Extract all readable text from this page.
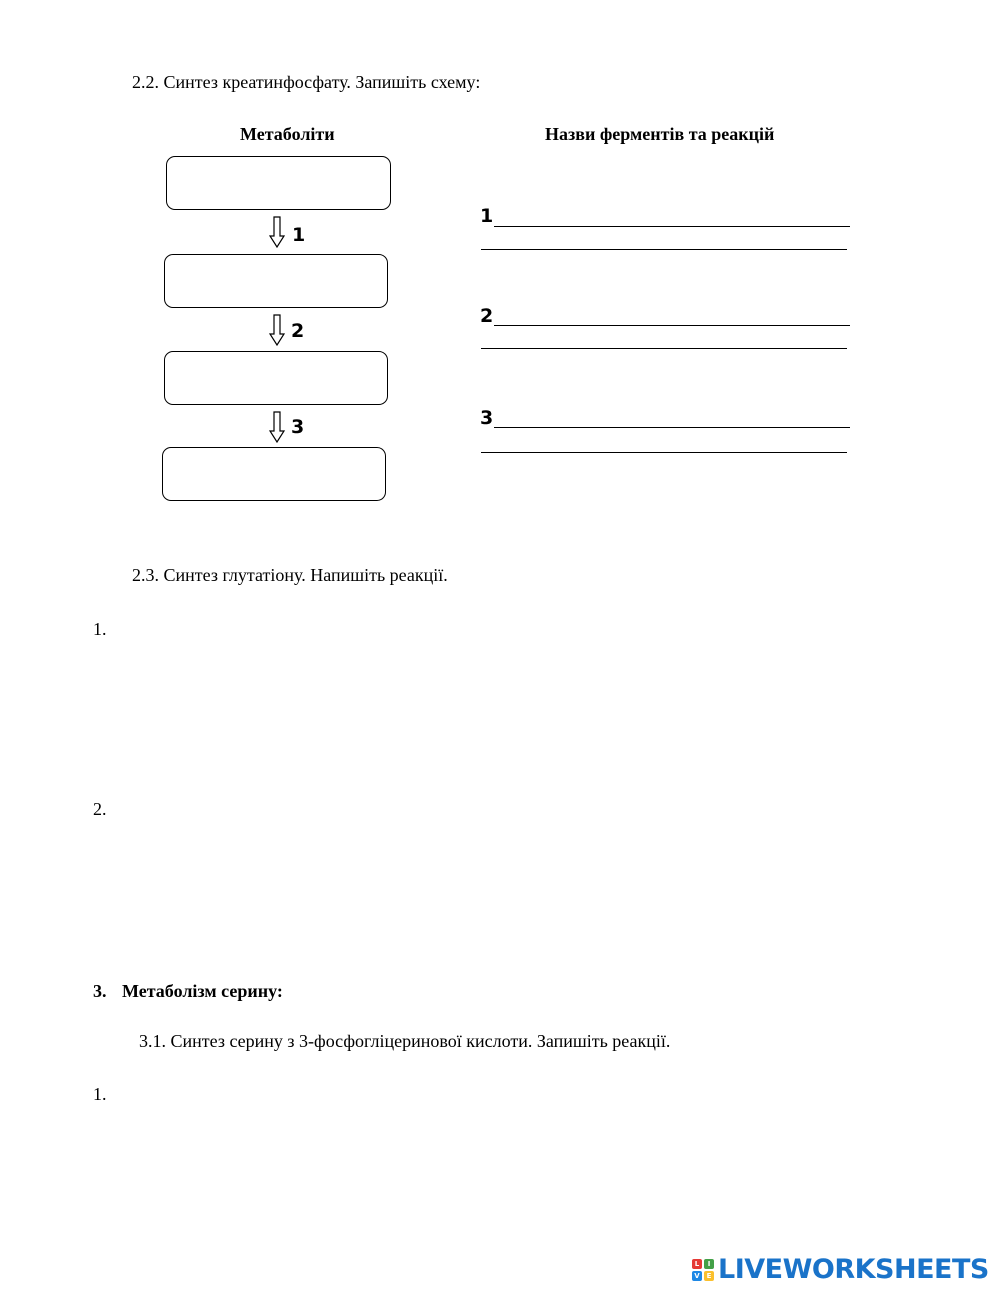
2.2. Синтез креатинфосфату. Запишіть схему:
Метаболіти	Назви ферментів та реакцій
1
2
3
1
2
3
2.3. Синтез глутатіону. Напишіть реакції.
1.
2.
3. Метаболізм серину:
3.1. Синтез серину з 3-фосфогліцеринової кислоти. Запишіть реакції.
1.
L	I
V E LIVEWORKSHEETS
